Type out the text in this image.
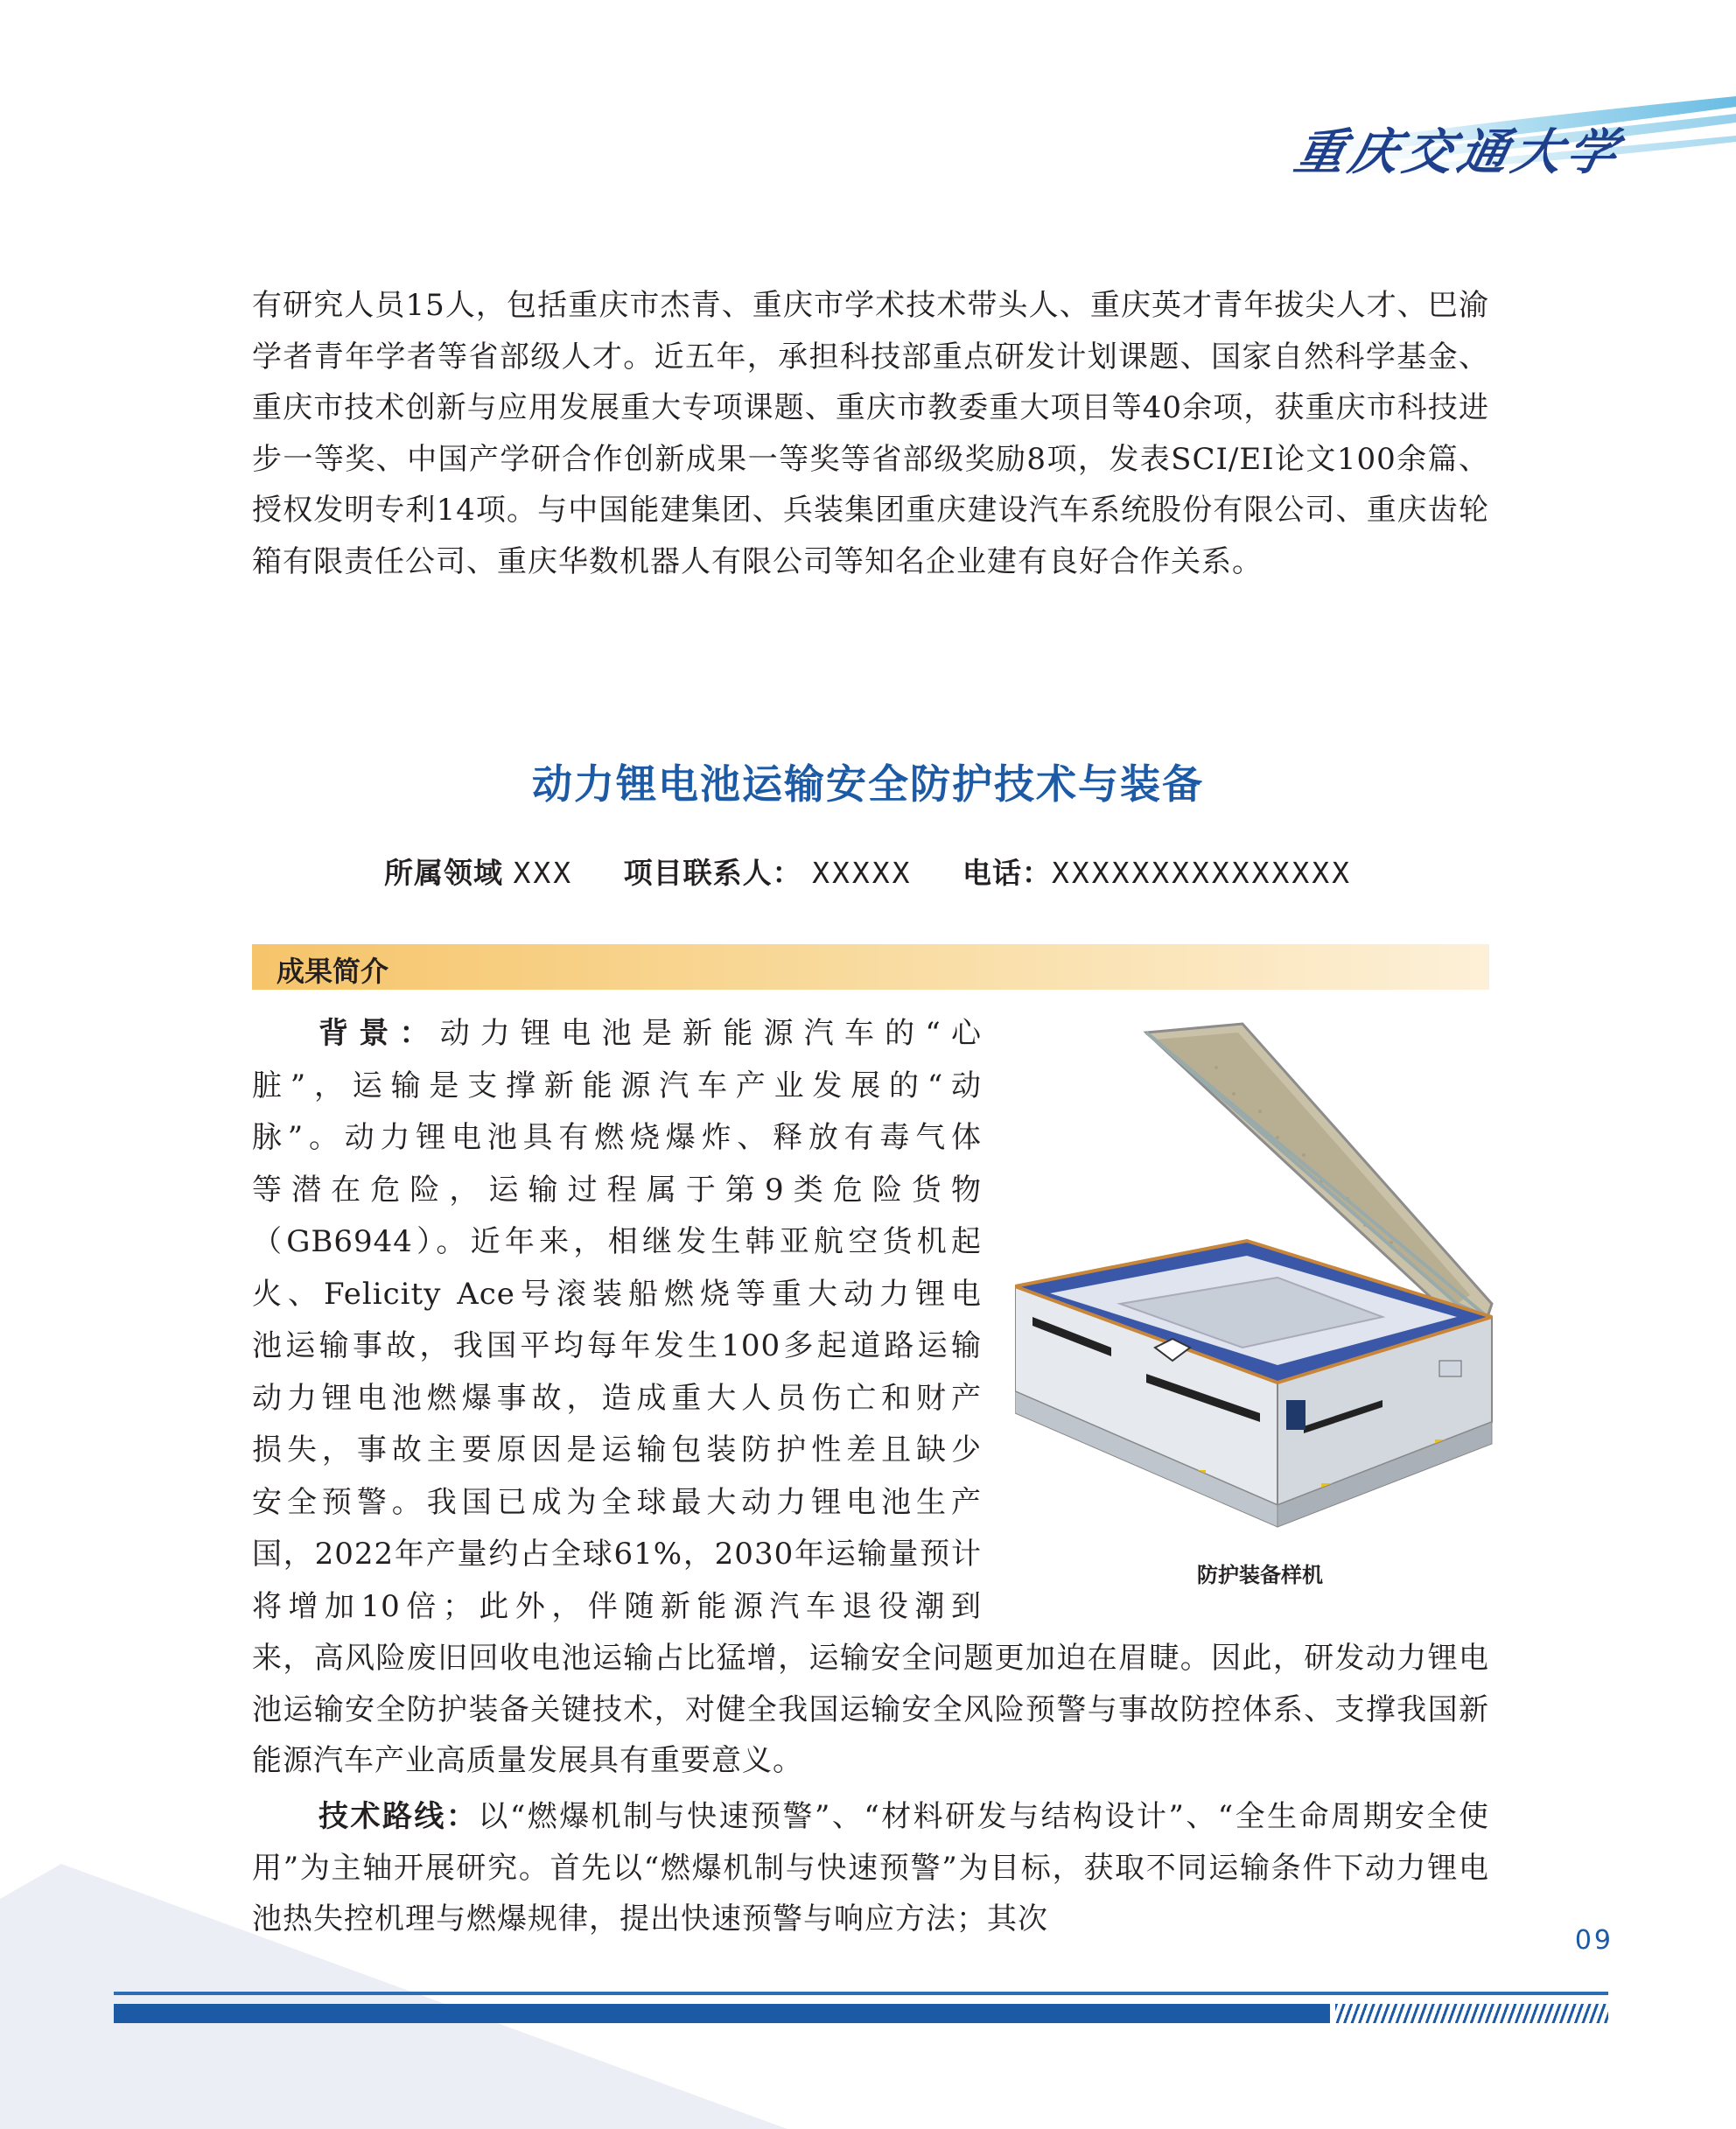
重庆交通大学
有研究人员15人，包括重庆市杰青、重庆市学术技术带头人、重庆英才青年拔尖人才、巴渝学者青年学者等省部级人才。近五年，承担科技部重点研发计划课题、国家自然科学基金、重庆市技术创新与应用发展重大专项课题、重庆市教委重大项目等40余项，获重庆市科技进步一等奖、中国产学研合作创新成果一等奖等省部级奖励8项，发表SCI/EI论文100余篇、授权发明专利14项。与中国能建集团、兵装集团重庆建设汽车系统股份有限公司、重庆齿轮箱有限责任公司、重庆华数机器人有限公司等知名企业建有良好合作关系。
动力锂电池运输安全防护技术与装备
所属领域 XXX 项目联系人： XXXXX 电话：XXXXXXXXXXXXXXX
成果简介
背景：动力锂电池是新能源汽车的“心
脏”，运输是支撑新能源汽车产业发展的“动
脉”。动力锂电池具有燃烧爆炸、释放有毒气体
等潜在危险，运输过程属于第9类危险货物
（GB6944）。近年来，相继发生韩亚航空货机起
火、Felicity Ace号滚装船燃烧等重大动力锂电
池运输事故，我国平均每年发生100多起道路运输
动力锂电池燃爆事故，造成重大人员伤亡和财产
损失，事故主要原因是运输包装防护性差且缺少
安全预警。我国已成为全球最大动力锂电池生产
国，2022年产量约占全球61%，2030年运输量预计
将增加10倍；此外，伴随新能源汽车退役潮到
防护装备样机
来，高风险废旧回收电池运输占比猛增，运输安全问题更加迫在眉睫。因此，研发动力锂电池运输安全防护装备关键技术，对健全我国运输安全风险预警与事故防控体系、支撑我国新能源汽车产业高质量发展具有重要意义。
技术路线：以“燃爆机制与快速预警”、“材料研发与结构设计”、“全生命周期安全使用”为主轴开展研究。首先以“燃爆机制与快速预警”为目标，获取不同运输条件下动力锂电池热失控机理与燃爆规律，提出快速预警与响应方法；其次
09
